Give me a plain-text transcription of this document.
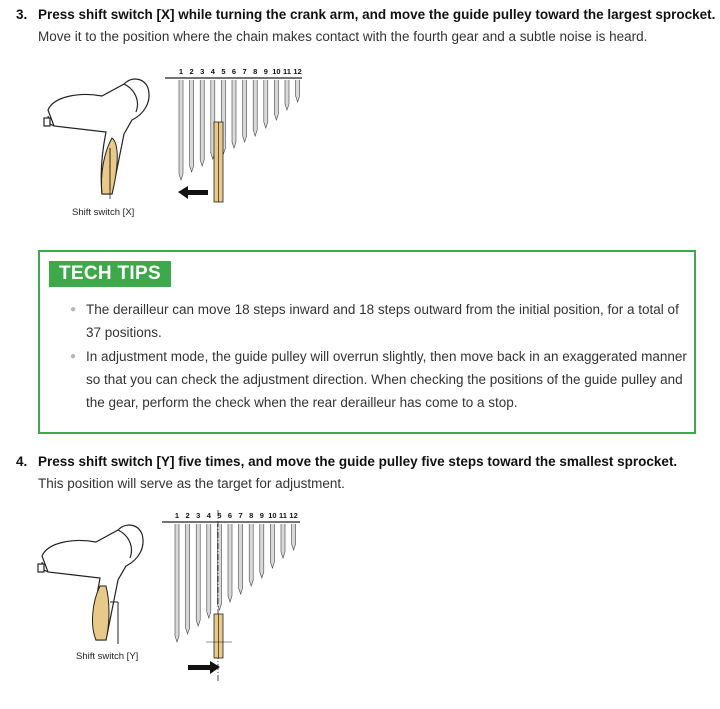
3. Press shift switch [X] while turning the crank arm, and move the guide pulley toward the largest sprocket.
Move it to the position where the chain makes contact with the fourth gear and a subtle noise is heard.
Shift switch [X]
1 2 3 4 5 6 7 8 9 10 11 12
TECH TIPS
● The derailleur can move 18 steps inward and 18 steps outward from the initial position, for a total of 37 positions.
● In adjustment mode, the guide pulley will overrun slightly, then move back in an exaggerated manner so that you can check the adjustment direction. When checking the positions of the guide pulley and the gear, perform the check when the rear derailleur has come to a stop.
4. Press shift switch [Y] five times, and move the guide pulley five steps toward the smallest sprocket.
This position will serve as the target for adjustment.
Shift switch [Y]
1 2 3 4 5 6 7 8 9 10 11 12
